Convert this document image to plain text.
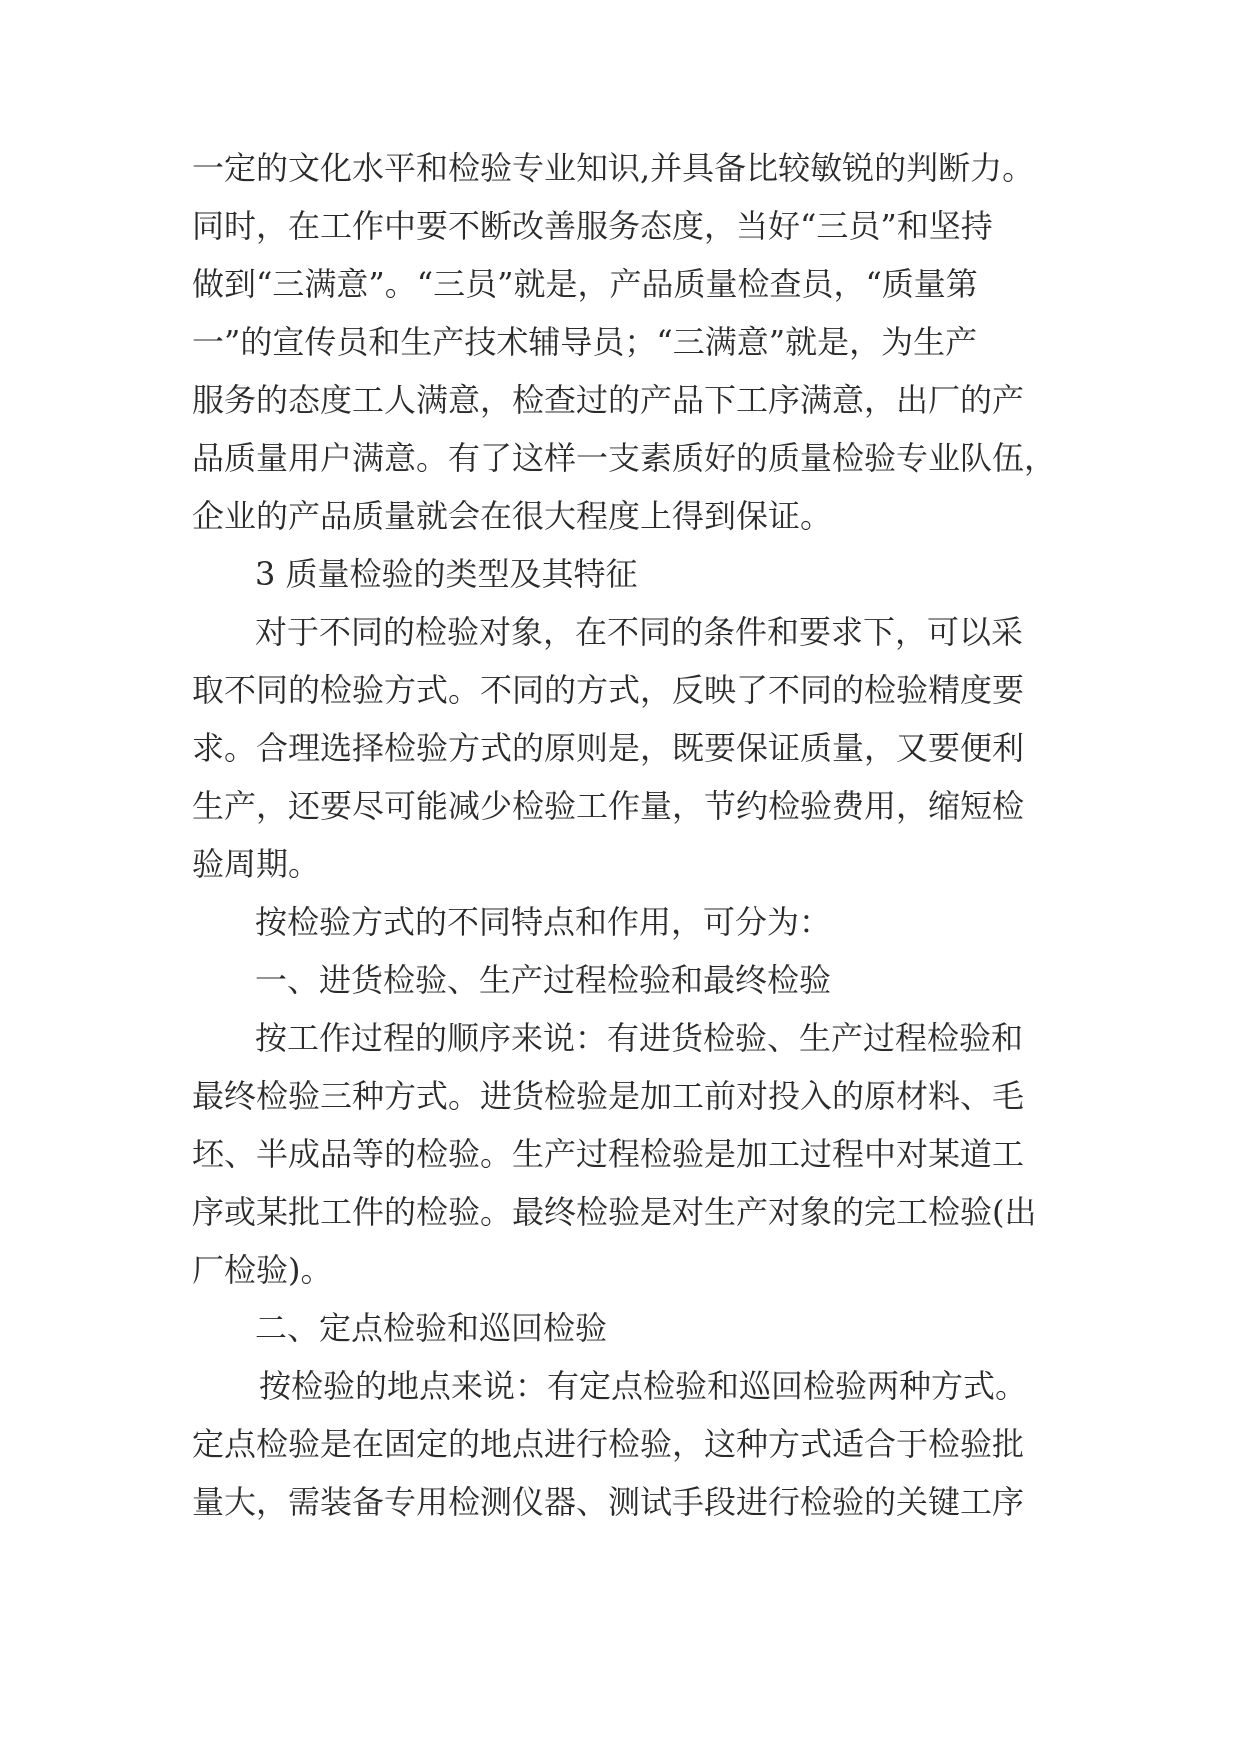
一定的文化水平和检验专业知识,并具备比较敏锐的判断力。
同时，在工作中要不断改善服务态度，当好“三员”和坚持
做到“三满意”。“三员”就是，产品质量检查员，“质量第
一”的宣传员和生产技术辅导员；“三满意”就是，为生产
服务的态度工人满意，检查过的产品下工序满意，出厂的产
品质量用户满意。有了这样一支素质好的质量检验专业队伍，
企业的产品质量就会在很大程度上得到保证。
3 质量检验的类型及其特征
对于不同的检验对象，在不同的条件和要求下，可以采
取不同的检验方式。不同的方式，反映了不同的检验精度要
求。合理选择检验方式的原则是，既要保证质量，又要便利
生产，还要尽可能减少检验工作量，节约检验费用，缩短检
验周期。
按检验方式的不同特点和作用，可分为：
一、进货检验、生产过程检验和最终检验
按工作过程的顺序来说：有进货检验、生产过程检验和
最终检验三种方式。进货检验是加工前对投入的原材料、毛
坯、半成品等的检验。生产过程检验是加工过程中对某道工
序或某批工件的检验。最终检验是对生产对象的完工检验(出
厂检验)。
二、定点检验和巡回检验
按检验的地点来说：有定点检验和巡回检验两种方式。
定点检验是在固定的地点进行检验，这种方式适合于检验批
量大，需装备专用检测仪器、测试手段进行检验的关键工序
